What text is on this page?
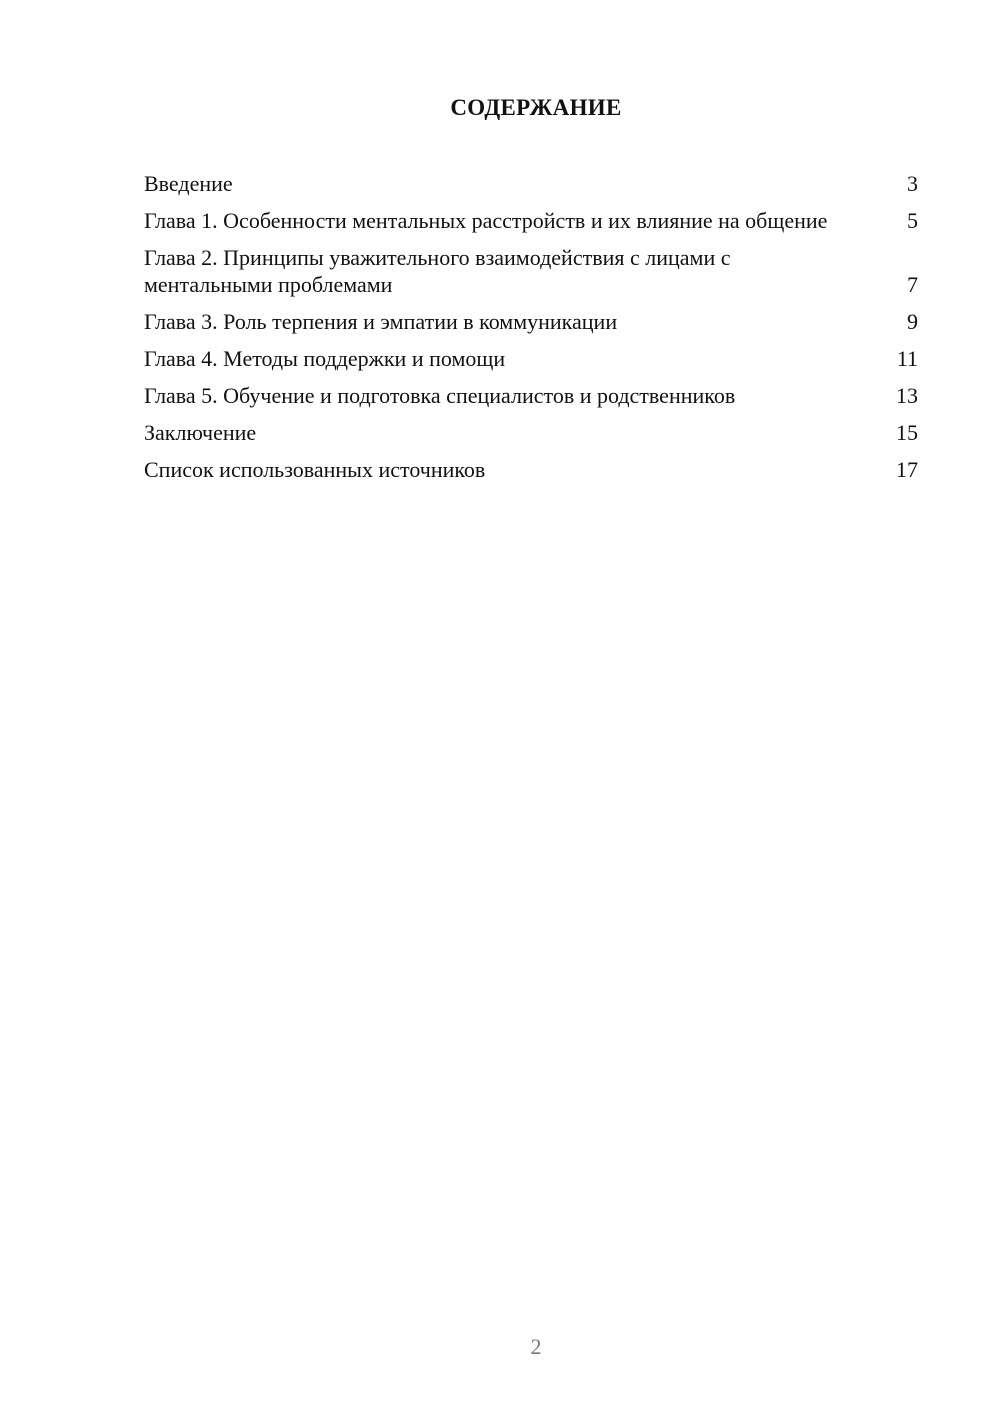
СОДЕРЖАНИЕ
Введение	3
Глава 1. Особенности ментальных расстройств и их влияние на общение	5
Глава 2. Принципы уважительного взаимодействия с лицами с ментальными проблемами	7
Глава 3. Роль терпения и эмпатии в коммуникации	9
Глава 4. Методы поддержки и помощи	11
Глава 5. Обучение и подготовка специалистов и родственников	13
Заключение	15
Список использованных источников	17
2
